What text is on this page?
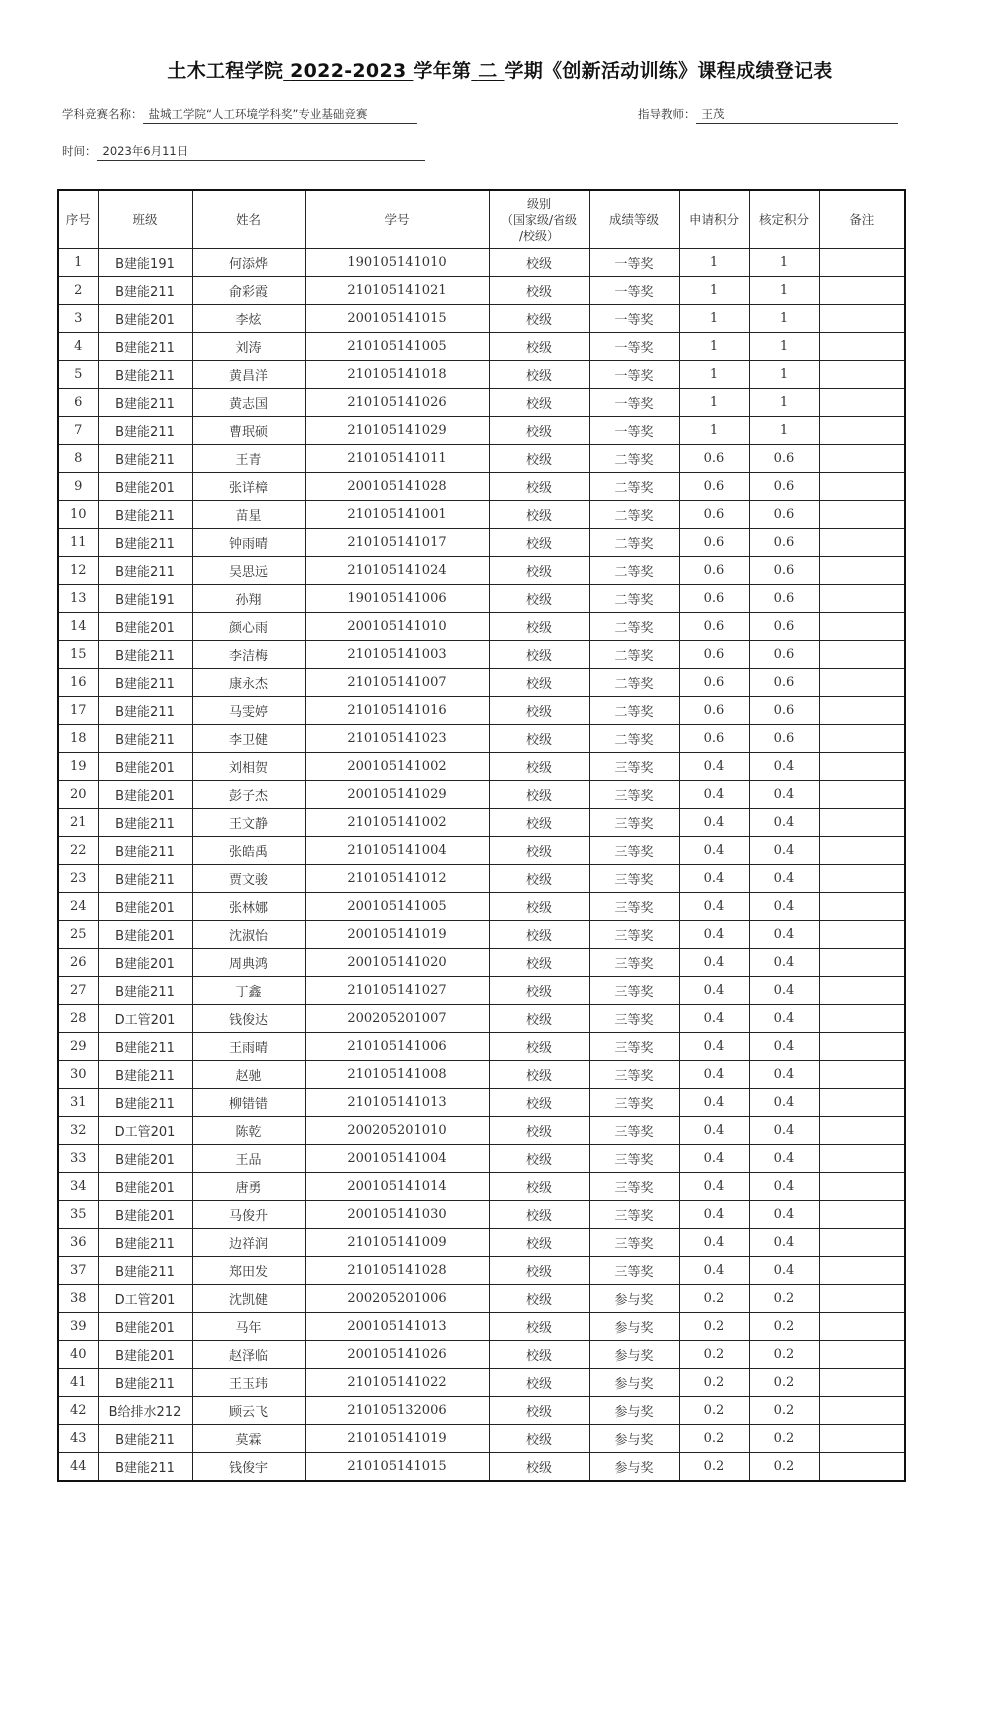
土木工程学院 2022-2023 学年第 二 学期《创新活动训练》课程成绩登记表
学科竞赛名称： 盐城工学院“人工环境学科奖”专业基础竞赛	指导教师： 王茂
时间： 2023年6月11日
序号	班级	姓名	学号	级别
（国家级/省级
/校级）	成绩等级	申请积分	核定积分	备注
1	B建能191	何添烨	190105141010	校级	一等奖	1	1	
2	B建能211	俞彩霞	210105141021	校级	一等奖	1	1	
3	B建能201	李炫	200105141015	校级	一等奖	1	1	
4	B建能211	刘涛	210105141005	校级	一等奖	1	1	
5	B建能211	黄昌洋	210105141018	校级	一等奖	1	1	
6	B建能211	黄志国	210105141026	校级	一等奖	1	1	
7	B建能211	曹珉硕	210105141029	校级	一等奖	1	1	
8	B建能211	王青	210105141011	校级	二等奖	0.6	0.6	
9	B建能201	张详樟	200105141028	校级	二等奖	0.6	0.6	
10	B建能211	苗星	210105141001	校级	二等奖	0.6	0.6	
11	B建能211	钟雨晴	210105141017	校级	二等奖	0.6	0.6	
12	B建能211	吴思远	210105141024	校级	二等奖	0.6	0.6	
13	B建能191	孙翔	190105141006	校级	二等奖	0.6	0.6	
14	B建能201	颜心雨	200105141010	校级	二等奖	0.6	0.6	
15	B建能211	李洁梅	210105141003	校级	二等奖	0.6	0.6	
16	B建能211	康永杰	210105141007	校级	二等奖	0.6	0.6	
17	B建能211	马雯婷	210105141016	校级	二等奖	0.6	0.6	
18	B建能211	李卫健	210105141023	校级	二等奖	0.6	0.6	
19	B建能201	刘相贺	200105141002	校级	三等奖	0.4	0.4	
20	B建能201	彭子杰	200105141029	校级	三等奖	0.4	0.4	
21	B建能211	王文静	210105141002	校级	三等奖	0.4	0.4	
22	B建能211	张皓禹	210105141004	校级	三等奖	0.4	0.4	
23	B建能211	贾文骏	210105141012	校级	三等奖	0.4	0.4	
24	B建能201	张林娜	200105141005	校级	三等奖	0.4	0.4	
25	B建能201	沈淑怡	200105141019	校级	三等奖	0.4	0.4	
26	B建能201	周典鸿	200105141020	校级	三等奖	0.4	0.4	
27	B建能211	丁鑫	210105141027	校级	三等奖	0.4	0.4	
28	D工管201	钱俊达	200205201007	校级	三等奖	0.4	0.4	
29	B建能211	王雨晴	210105141006	校级	三等奖	0.4	0.4	
30	B建能211	赵驰	210105141008	校级	三等奖	0.4	0.4	
31	B建能211	柳错错	210105141013	校级	三等奖	0.4	0.4	
32	D工管201	陈乾	200205201010	校级	三等奖	0.4	0.4	
33	B建能201	王品	200105141004	校级	三等奖	0.4	0.4	
34	B建能201	唐勇	200105141014	校级	三等奖	0.4	0.4	
35	B建能201	马俊升	200105141030	校级	三等奖	0.4	0.4	
36	B建能211	边祥润	210105141009	校级	三等奖	0.4	0.4	
37	B建能211	郑田发	210105141028	校级	三等奖	0.4	0.4	
38	D工管201	沈凯健	200205201006	校级	参与奖	0.2	0.2	
39	B建能201	马年	200105141013	校级	参与奖	0.2	0.2	
40	B建能201	赵泽临	200105141026	校级	参与奖	0.2	0.2	
41	B建能211	王玉玮	210105141022	校级	参与奖	0.2	0.2	
42	B给排水212	顾云飞	210105132006	校级	参与奖	0.2	0.2	
43	B建能211	莫霖	210105141019	校级	参与奖	0.2	0.2	
44	B建能211	钱俊宇	210105141015	校级	参与奖	0.2	0.2	
